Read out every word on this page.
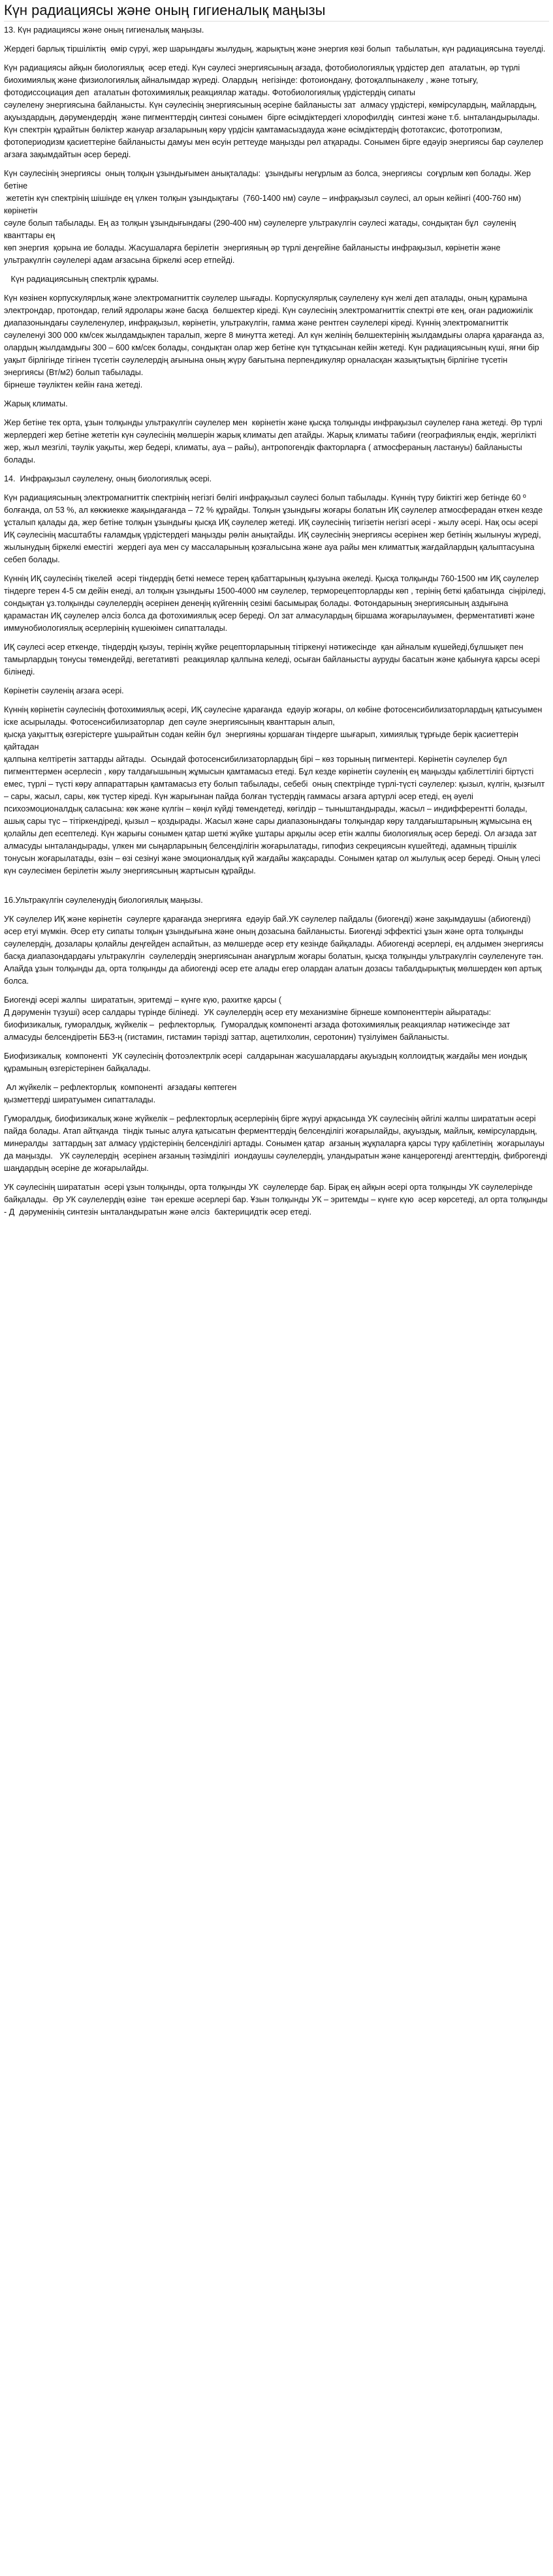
Күн радиациясы және оның гигиеналық маңызы

13. Күн радиациясы және оның гигиеналық маңызы.

Жердегі барлық тіршіліктің  өмір сүруі, жер шарындағы жылудың, жарықтың және энергия көзі болып  табылатын, күн радиациясына тәуелді.

Күн радиациясы айқын биологиялық  әсер етеді. Күн сәулесі энергиясының ағзада, фотобиологиялық үрдістер деп  аталатын, әр түрлі биохимиялық және физиологиялық айналымдар жүреді. Олардың  негізінде: фотоиондану, фотоқалпынакелу , және тотығу, фотодиссоциация деп  аталатын фотохимиялық реакциялар жатады. Фотобиологиялық үрдістердің сипаты
сәулелену энергиясына байланысты. Күн сәулесінің энергиясының әсеріне байланысты зат  алмасу үрдістері, көмірсулардың, майлардың, ақуыздардың, дәрумендердің  және пигменттердің синтезі сонымен  бірге өсімдіктердегі хлорофилдің  синтезі және т.б. ынталандырылады. Күн спектрін құрайтын бөліктер жануар ағзаларының көру үрдісін қамтамасыздауда және өсімдіктердің фототаксис, фототропизм, фотопериодизм қасиеттеріне байланысты дамуы мен өсуін реттеуде маңызды рөл атқарады. Сонымен бірге едәуір энергиясы бар сәулелер ағзаға зақымдайтын әсер береді.

Күн сәулесінің энергиясы  оның толқын ұзындығымен анықталады:  ұзындығы неғұрлым аз болса, энергиясы  соғұрлым көп болады. Жер бетіне
жететін күн спектрінің шішінде ең үлкен толқын ұзындықтағы  (760-1400 нм) сәуле – инфрақызыл сәулесі, ал орын кейінгі (400-760 нм) көрінетін
сәуле болып табылады. Ең аз толқын ұзындығындағы (290-400 нм) сәулелерге ультракүлгін сәулесі жатады, сондықтан бұл  сәуленің кванттары ең
көп энергия  қорына ие болады. Жасушаларға берілетін  энергияның әр түрлі деңгейіне байланысты инфрақызыл, көрінетін және ультракүлгін сәулелері адам ағзасына біркелкі әсер етпейді.

Күн радиациясының спектрлік құрамы.

Күн көзінен корпускулярлық және электромагниттік сәулелер шығады. Корпускулярлық сәулелену күн желі деп аталады, оның құрамына электрондар, протондар, гелий ядролары және басқа  бөлшектер кіреді. Күн сәулесінің электромагниттік спектрі өте кең, оған радиожиілік диапазонындағы сәулеленулер, инфрақызыл, көрінетін, ультракүлгін, гамма және рентген сәулелері кіреді. Күннің электромагниттік сәулеленуі 300 000 км/сек жылдамдықпен таралып, жерге 8 минутта жетеді. Ал күн желінің бөлшектерінің жылдамдығы оларға қарағанда аз, олардың жылдамдығы 300 – 600 км/сек болады, сондықтан олар жер бетіне күн тұтқасынан кейін жетеді. Күн радиациясының күші, яғни бір уақыт бірлігінде тігінен түсетін сәулелердің ағынына оның жүру бағытына перпендикуляр орналасқан жазықтықтың бірлігіне түсетін энергиясы (Вт/м2) болып табылады.
бірнеше тәуліктен кейін ғана жетеді.

Жарық климаты.

Жер бетіне тек орта, ұзын толқынды ультракүлгін сәулелер мен  көрінетін және қысқа толқынды инфрақызыл сәулелер ғана жетеді. Әр түрлі жерлердегі жер бетіне жететін күн сәулесінің мөлшерін жарық климаты деп атайды. Жарық климаты табиғи (географиялық ендік, жергілікті жер, жыл мезгілі, тәулік уақыты, жер бедері, климаты, ауа – райы), антропогендік факторларға ( атмосфераның ластануы) байланысты болады.

14.  Инфрақызыл сәулелену, оның биологиялық әсері.

Күн радиациясының электромагниттік спектрінің негізгі бөлігі инфрақызыл сәулесі болып табылады. Күннің түру биіктігі жер бетінде 60 º болғанда, ол 53 %, ал көкжиекке жақындағанда – 72 % құрайды. Толқын ұзындығы жоғары болатын ИҚ сәулелер атмосферадан өткен кезде ұсталып қалады да, жер бетіне толқын ұзындығы қысқа ИҚ сәулелер жетеді. ИҚ сәулесінің тигізетін негізгі әсері - жылу әсері. Нақ осы әсері ИҚ сәулесінің масштабты ғаламдық үрдістердегі маңызды рөлін анықтайды. ИҚ сәулесінің энергиясы әсерінен жер бетінің жылынуы жүреді, жылынудың біркелкі еместігі  жердегі ауа мен су массаларының қозғалысына және ауа райы мен климаттық жағдайлардың қалыптасуына себеп болады.

Күннің ИҚ сәулесінің тікелей  әсері тіндердің беткі немесе терең қабаттарының қызуына әкеледі. Қысқа толқынды 760-1500 нм ИҚ сәулелер тіндерге терен 4-5 см дейін енеді, ал толқын ұзындығы 1500-4000 нм сәулелер, терморецепторларды көп , терінің беткі қабатында  сіңіріледі,
сондықтан ұз.толқынды сәулелердің әсерінен денеңің күйгеннің сезімі басымырақ болады. Фотондарының энергиясының аздығына қарамастан ИҚ сәулелер әлсіз болса да фотохимиялық әсер береді. Ол зат алмасулардың біршама жоғарылауымен, ферментативті және иммунобиологиялық әсерлерінің күшеюімен сипатталады.

ИҚ сәулесі әсер еткенде, тіндердің қызуы, терінің жүйке рецепторларының тітіркенуі нәтижесінде  қан айналым күшейеді,бұлшықет пен тамырлардың тонусы төмендейді, вегетативті  реакциялар қалпына келеді, осыған байланысты ауруды басатын және қабынуға қарсы әсері білінеді.

Көрінетін сәуленің ағзаға әсері.

Күннің көрінетін сәулесінің фотохимиялық әсері, ИҚ сәулесіне қарағанда  едәуір жоғары, ол көбіне фотосенсибилизаторлардың қатысуымен іске асырылады. Фотосенсибилизаторлар  деп сәуле энергиясының кванттарын алып,
қысқа уақыттық өзгерістерге ұшырайтын содан кейін бұл  энергияны қоршаған тіндерге шығарып, химиялық тұрғыде берік қасиеттерін қайтадан
қалпына келтіретін заттарды айтады.  Осындай фотосенсибилизаторлардың бірі – көз торының пигментері. Көрінетін сәулелер бұл
пигменттермен әсерлесіп , көру талдағышының жұмысын қамтамасыз етеді. Бұл кезде көрінетін сәуленің ең маңызды қабілеттілігі біртүсті емес, түрлі – түсті көру аппараттарын қамтамасыз ету болып табылады, себебі  оның спектрінде түрлі-түсті сәулелер: қызыл, күлгін, қызғылт – сары, жасыл, сары, көк түстер кіреді. Күн жарығынан пайда болған түстердің гаммасы ағзаға артүрлі әсер етеді, ең әуелі психоэмоционалдық саласына: көк және күлгін – көңіл күйді төмендетеді, көгілдір – тыныштандырады, жасыл – индифферентті болады, ашық сары түс – тітіркендіреді, қызыл – қоздырады. Жасыл және сары диапазонындағы толқындар көру талдағыштарының жұмысына ең қолайлы деп есептеледі. Күн жарығы сонымен қатар шеткі жүйке ұштары арқылы әсер етін жалпы биологиялық әсер береді. Ол ағзада зат алмасуды ынталандырады, үлкен ми сыңарларының белсенділігін жоғарылатады, гипофиз секрециясын күшейтеді, адамның тіршілік тонусын жоғарылатады, өзін – өзі сезінуі және эмоционалдық күй жағдайы жақсарады. Сонымен қатар ол жылулық әсер береді. Оның үлесі күн сәулесімен берілетін жылу энергиясының жартысын құрайды.

16.Ультракүлгін сәулеленудің биологиялық маңызы.

УК сәулелер ИҚ және көрінетін  сәулерге қарағанда энергияға  едәуір бай.УК сәулелер пайдалы (биогенді) және зақымдаушы (абиогенді) әсер етуі мүмкін. Әсер ету сипаты толқын ұзындығына және оның дозасына байланысты. Биогенді эффектісі ұзын және орта толқынды сәулелердің, дозалары қолайлы деңгейден аспайтын, аз мөлшерде әсер ету кезінде байқалады. Абиогенді әсерлері, ең алдымен энергиясы басқа диапазондардағы ультракүлгін  сәулелердің энергиясынан анағұрлым жоғары болатын, қысқа толқынды ультракүлгін сәулеленуге тән. Алайда ұзын толқынды да, орта толқынды да абиогенді әсер ете алады егер олардан алатын дозасы табалдырықтық мөлшерден көп артық болса.

Биогенді әсері жалпы  ширататын, эритемді – күнге күю, рахитке қарсы (
Д дәруменін түзуші) әсер салдары түрінде білінеді.  УК сәулелердің әсер ету механизміне бірнеше компоненттерін айыратады:  биофизикалық, гуморалдық, жүйкелік –  рефлекторлық.  Гуморалдық компоненті ағзада фотохимиялық реакциялар нәтижесінде зат алмасуды белсендіретін ББЗ-ң (гистамин, гистамин тәрізді заттар, ацетилхолин, серотонин) түзілуімен байланысты.

Биофизикалық  компоненті  УК сәулесінің фотоэлектрлік әсері  салдарынан жасушалардағы ақуыздың коллоидтық жағдайы мен иондық құрамының өзгерістерінен байқалады.

Ал жүйкелік – рефлекторлық  компоненті  ағзадағы көптеген
қызметтерді ширатуымен сипатталады.

Гуморалдық, биофизикалық және жүйкелік – рефлекторлық әсерлерінің бірге жүруі арқасында УК сәулесінің әйгілі жалпы ширататын әсері
пайда болады. Атап айтқанда  тіндік тыныс алуға қатысатын ферменттердің белсенділігі жоғарылайды, ақуыздық, майлық, көмірсулардың, минералды  заттардың зат алмасу үрдістерінің белсенділігі артады. Сонымен қатар  ағзаның жұқпаларға қарсы түру қабілетінің  жоғарылауы да маңызды.   УК сәулелердің  әсерінен ағзаның тәзімділігі  иондаушы сәулелердің, уландыратын және канцерогенді агенттердің, фиброгенді шаңдардың әсеріне де жоғарылайды.

УК сәулесінің ширататын  әсері ұзын толқынды, орта толқынды УК  сәулелерде бар. Бірақ ең айқын әсері орта толқынды УК сәулелерінде байқалады.  Әр УК сәулелердің өзіне  тән ерекше әсерлері бар. Ұзын толқынды УК – эритемды – күнге күю  әсер көрсетеді, ал орта толқынды - Д  дәруменінің синтезін ынталандыратын және әлсіз  бактерицидтік әсер етеді.
